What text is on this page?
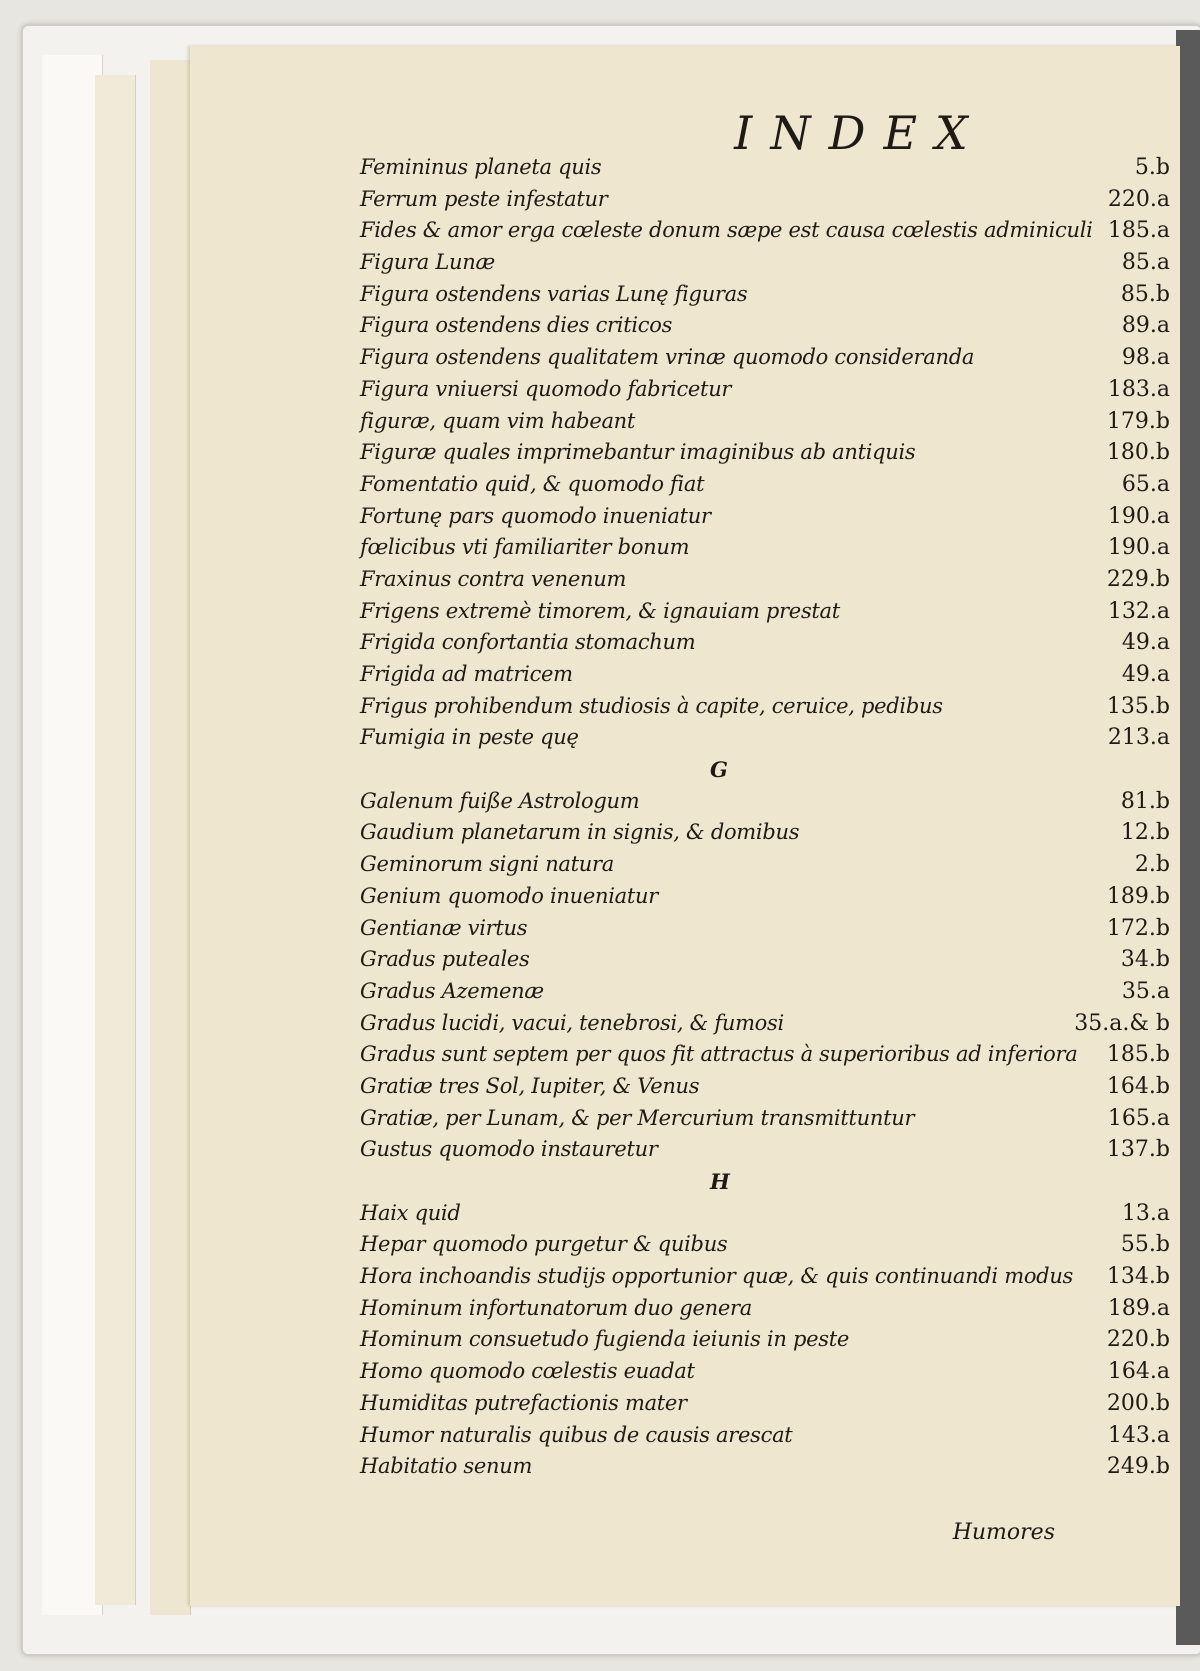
INDEX
Femininus planeta quis	5.b
Ferrum peste infestatur	220.a
Fides & amor erga cœleste donum sæpe est causa cœlestis adminiculi 185.a
Figura Lunæ	85.a
Figura ostendens varias Lunę figuras	85.b
Figura ostendens dies criticos	89.a
Figura ostendens qualitatem vrinæ quomodo consideranda	98.a
Figura vniuersi quomodo fabricetur	183.a
figuræ, quam vim habeant	179.b
Figuræ quales imprimebantur imaginibus ab antiquis	180.b
Fomentatio quid, & quomodo fiat	65.a
Fortunę pars quomodo inueniatur	190.a
fœlicibus vti familiariter bonum	190.a
Fraxinus contra venenum	229.b
Frigens extremè timorem, & ignauiam prestat	132.a
Frigida confortantia stomachum	49.a
Frigida ad matricem	49.a
Frigus prohibendum studiosis à capite, ceruice, pedibus	135.b
Fumigia in peste quę	213.a
G
Galenum fuiße Astrologum	81.b
Gaudium planetarum in signis, & domibus	12.b
Geminorum signi natura	2.b
Genium quomodo inueniatur	189.b
Gentianæ virtus	172.b
Gradus puteales	34.b
Gradus Azemenæ	35.a
Gradus lucidi, vacui, tenebrosi, & fumosi	35.a.& b
Gradus sunt septem per quos fit attractus à superioribus ad inferiora 185.b
Gratiæ tres Sol, Iupiter, & Venus	164.b
Gratiæ, per Lunam, & per Mercurium transmittuntur	165.a
Gustus quomodo instauretur	137.b
H
Haix quid	13.a
Hepar quomodo purgetur & quibus	55.b
Hora inchoandis studijs opportunior quæ, & quis continuandi modus 134.b
Hominum infortunatorum duo genera	189.a
Hominum consuetudo fugienda ieiunis in peste	220.b
Homo quomodo cœlestis euadat	164.a
Humiditas putrefactionis mater	200.b
Humor naturalis quibus de causis arescat	143.a
Habitatio senum	249.b
Humores
